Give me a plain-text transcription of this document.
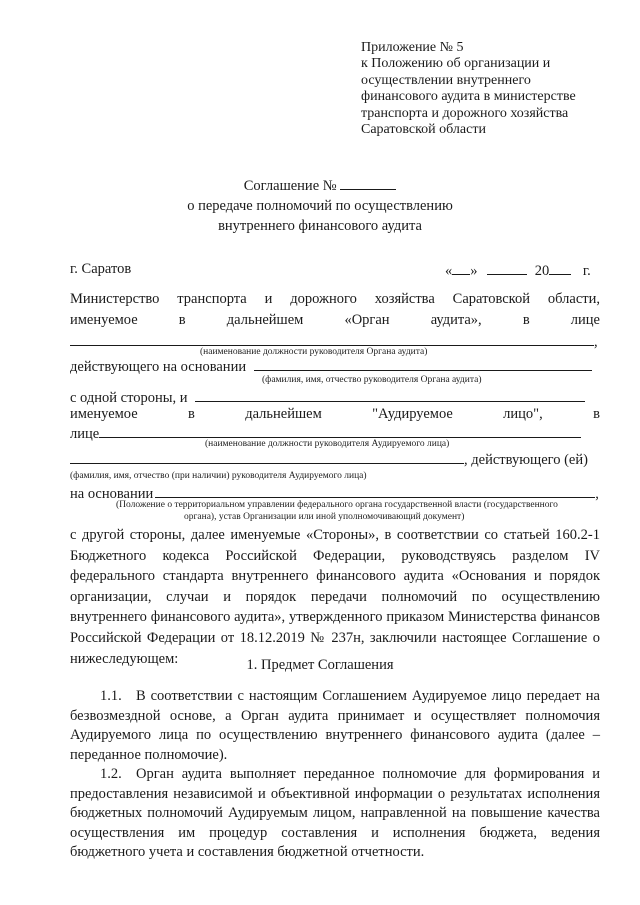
Приложение № 5
к Положению об организации и
осуществлении внутреннего
финансового аудита в министерстве
транспорта и дорожного хозяйства
Саратовской области
Соглашение №
о передаче полномочий по осуществлению
внутреннего финансового аудита
г. Саратов	« »	20 г.
Министерство транспорта и дорожного хозяйства Саратовской области,
именуемое	в	дальнейшем	«Орган	аудита»,	в	лице
,
(наименование должности руководителя Органа аудита)
действующего на основании
(фамилия, имя, отчество руководителя Органа аудита)
с одной стороны, и
именуемое	в	дальнейшем	"Аудируемое	лицо",	в
лице
(наименование должности руководителя Аудируемого лица)
, действующего (ей)
(фамилия, имя, отчество (при наличии) руководителя Аудируемого лица)
на основании	,
(Положение о территориальном управлении федерального органа государственной власти (государственного
органа), устав Организации или иной уполномочивающий документ)
с другой стороны, далее именуемые «Стороны», в соответствии со статьей 160.2-1 Бюджетного кодекса Российской Федерации, руководствуясь разделом IV федерального стандарта внутреннего финансового аудита «Основания и порядок организации, случаи и порядок передачи полномочий по осуществлению внутреннего финансового аудита», утвержденного приказом Министерства финансов Российской Федерации от 18.12.2019 № 237н, заключили настоящее Соглашение о нижеследующем:	1. Предмет Соглашения
1.1. В соответствии с настоящим Соглашением Аудируемое лицо передает на безвозмездной основе, а Орган аудита принимает и осуществляет полномочия Аудируемого лица по осуществлению внутреннего финансового аудита (далее – переданное полномочие).
1.2. Орган аудита выполняет переданное полномочие для формирования и предоставления независимой и объективной информации о результатах исполнения бюджетных полномочий Аудируемым лицом, направленной на повышение качества осуществления им процедур составления и исполнения бюджета, ведения бюджетного учета и составления бюджетной отчетности.
